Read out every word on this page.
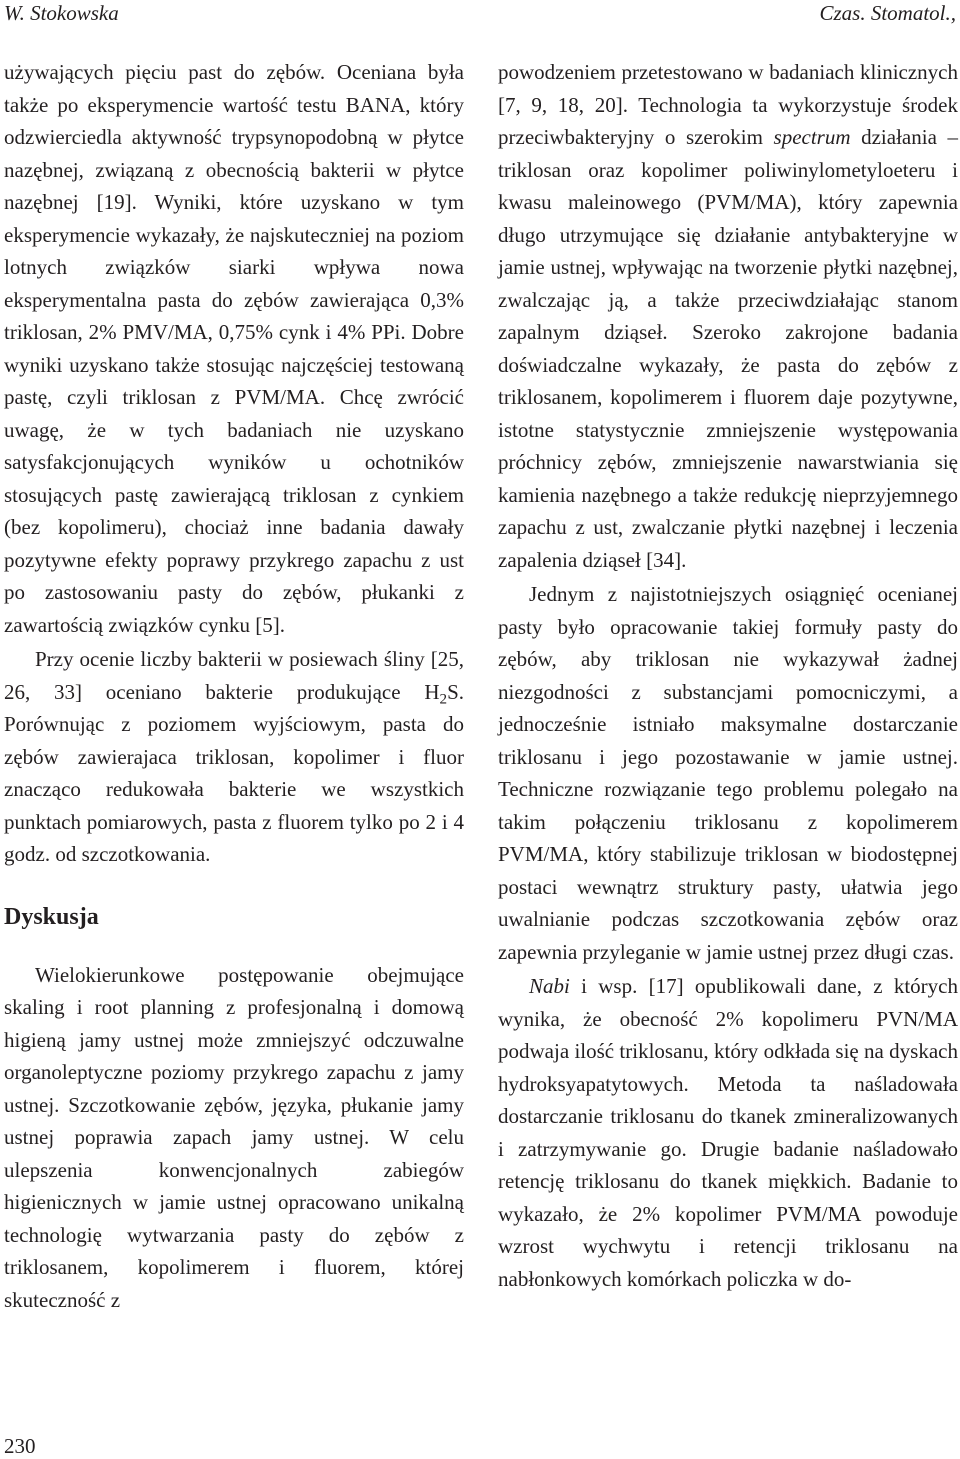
W. Stokowska	Czas. Stomatol.,

używających pięciu past do zębów. Oceniana była także po eksperymencie wartość testu BANA, który odzwierciedla aktywność trypsynopodobną w płytce nazębnej, związaną z obecnością bakterii w płytce nazębnej [19]. Wyniki, które uzyskano w tym eksperymencie wykazały, że najskuteczniej na poziom lotnych związków siarki wpływa nowa eksperymentalna pasta do zębów zawierająca 0,3% triklosan, 2% PMV/MA, 0,75% cynk i 4% PPi. Dobre wyniki uzyskano także stosując najczęściej testowaną pastę, czyli triklosan z PVM/MA. Chcę zwrócić uwagę, że w tych badaniach nie uzyskano satysfakcjonujących wyników u ochotników stosujących pastę zawierającą triklosan z cynkiem (bez kopolimeru), chociaż inne badania dawały pozytywne efekty poprawy przykrego zapachu z ust po zastosowaniu pasty do zębów, płukanki z zawartością związków cynku [5].

Przy ocenie liczby bakterii w posiewach śliny [25, 26, 33] oceniano bakterie produkujące $H_2S$. Porównując z poziomem wyjściowym, pasta do zębów zawierajaca triklosan, kopolimer i fluor znacząco redukowała bakterie we wszystkich punktach pomiarowych, pasta z fluorem tylko po 2 i 4 godz. od szczotkowania.

Dyskusja

Wielokierunkowe postępowanie obejmujące skaling i root planning z profesjonalną i domową higieną jamy ustnej może zmniejszyć odczuwalne organoleptyczne poziomy przykrego zapachu z jamy ustnej. Szczotkowanie zębów, języka, płukanie jamy ustnej poprawia zapach jamy ustnej. W celu ulepszenia konwencjonalnych zabiegów higienicznych w jamie ustnej opracowano unikalną technologię wytwarzania pasty do zębów z triklosanem, kopolimerem i fluorem, której skuteczność z

powodzeniem przetestowano w badaniach klinicznych [7, 9, 18, 20]. Technologia ta wykorzystuje środek przeciwbakteryjny o szerokim spectrum działania – triklosan oraz kopolimer poliwinylometyloeteru i kwasu maleinowego (PVM/MA), który zapewnia długo utrzymujące się działanie antybakteryjne w jamie ustnej, wpływając na tworzenie płytki nazębnej, zwalczając ją, a także przeciwdziałając stanom zapalnym dziąseł. Szeroko zakrojone badania doświadczalne wykazały, że pasta do zębów z triklosanem, kopolimerem i fluorem daje pozytywne, istotne statystycznie zmniejszenie występowania próchnicy zębów, zmniejszenie nawarstwiania się kamienia nazębnego a także redukcję nieprzyjemnego zapachu z ust, zwalczanie płytki nazębnej i leczenia zapalenia dziąseł [34].

Jednym z najistotniejszych osiągnięć ocenianej pasty było opracowanie takiej formuły pasty do zębów, aby triklosan nie wykazywał żadnej niezgodności z substancjami pomocniczymi, a jednocześnie istniało maksymalne dostarczanie triklosanu i jego pozostawanie w jamie ustnej. Techniczne rozwiązanie tego problemu polegało na takim połączeniu triklosanu z kopolimerem PVM/MA, który stabilizuje triklosan w biodostępnej postaci wewnątrz struktury pasty, ułatwia jego uwalnianie podczas szczotkowania zębów oraz zapewnia przyleganie w jamie ustnej przez długi czas.

Nabi i wsp. [17] opublikowali dane, z których wynika, że obecność 2% kopolimeru PVN/MA podwaja ilość triklosanu, który odkłada się na dyskach hydroksyapatytowych. Metoda ta naśladowała dostarczanie triklosanu do tkanek zmineralizowanych i zatrzymywanie go. Drugie badanie naśladowało retencję triklosanu do tkanek miękkich. Badanie to wykazało, że 2% kopolimer PVM/MA powoduje wzrost wychwytu i retencji triklosanu na nabłonkowych komórkach policzka w do-

230
